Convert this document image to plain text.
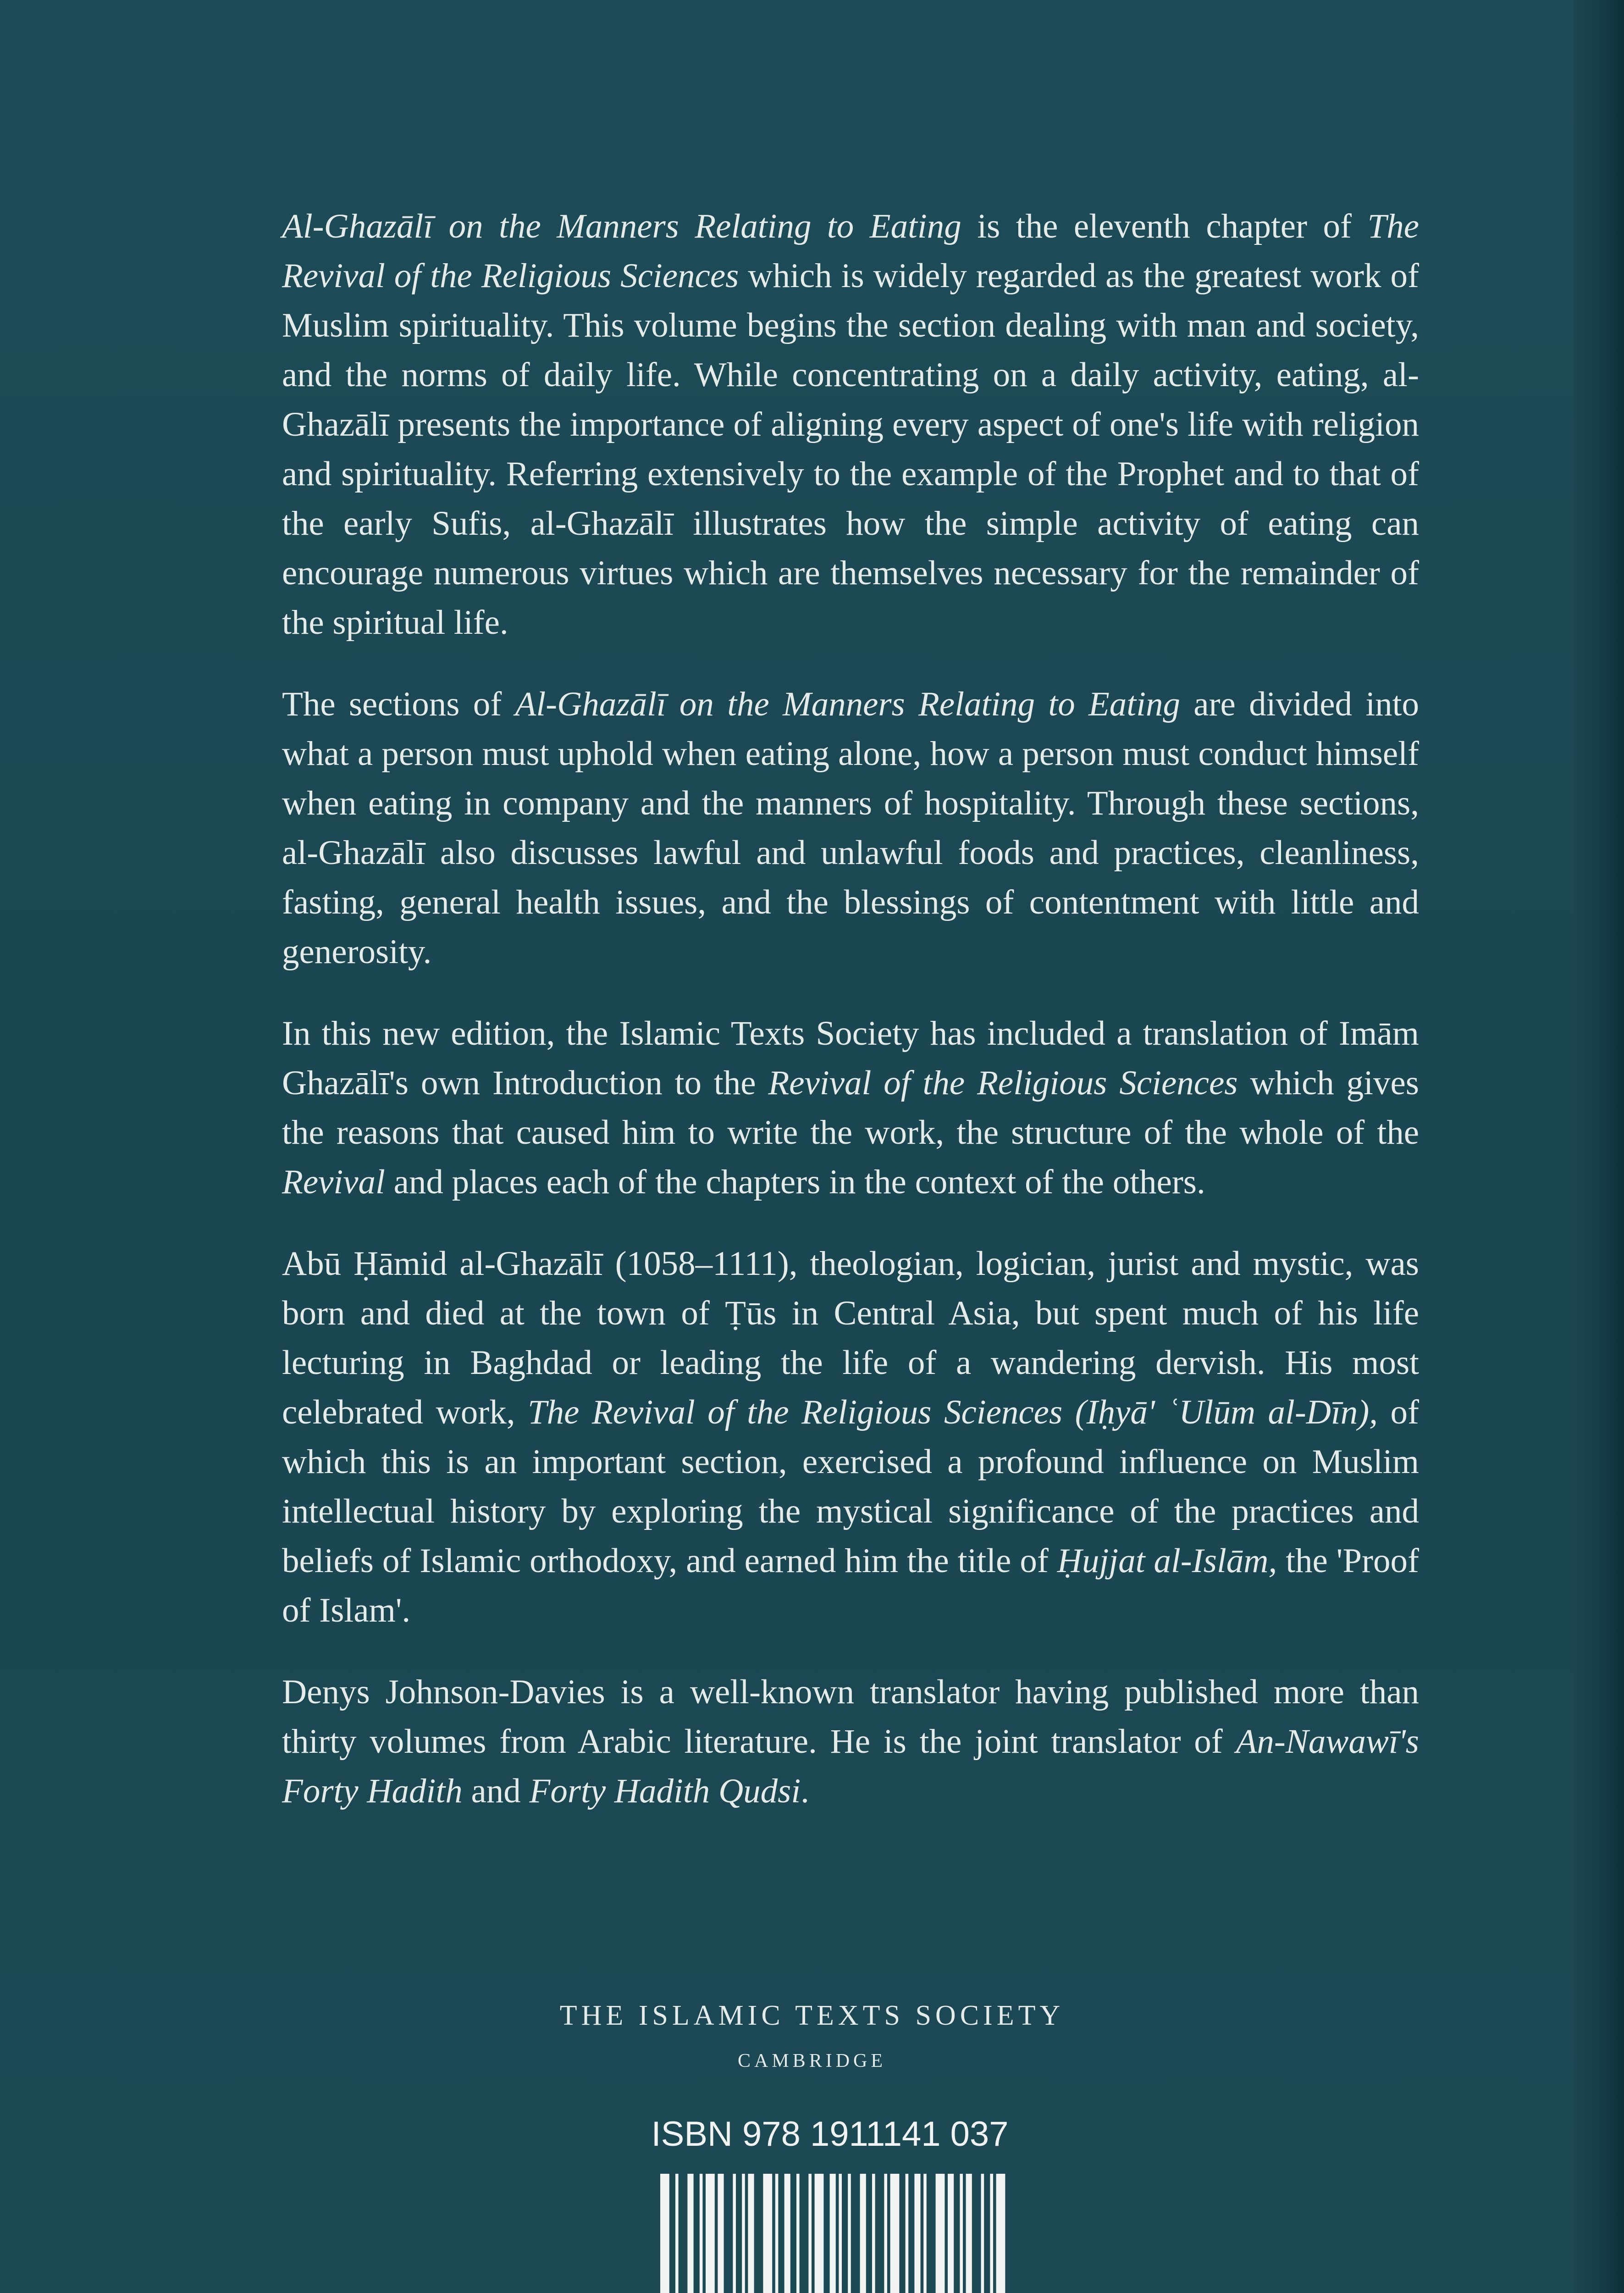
Al-Ghazālī on the Manners Relating to Eating is the eleventh chapter of The Revival of the Religious Sciences which is widely regarded as the greatest work of Muslim spirituality. This volume begins the section dealing with man and society, and the norms of daily life. While concentrating on a daily activity, eating, al-Ghazālī presents the importance of aligning every aspect of one's life with religion and spirituality. Referring extensively to the example of the Prophet and to that of the early Sufis, al-Ghazālī illustrates how the simple activity of eating can encourage numerous virtues which are themselves necessary for the remainder of the spiritual life.

The sections of Al-Ghazālī on the Manners Relating to Eating are divided into what a person must uphold when eating alone, how a person must conduct himself when eating in company and the manners of hospitality. Through these sections, al-Ghazālī also discusses lawful and unlawful foods and practices, cleanliness, fasting, general health issues, and the blessings of contentment with little and generosity.

In this new edition, the Islamic Texts Society has included a translation of Imām Ghazālī's own Introduction to the Revival of the Religious Sciences which gives the reasons that caused him to write the work, the structure of the whole of the Revival and places each of the chapters in the context of the others.

Abū Ḥāmid al-Ghazālī (1058–1111), theologian, logician, jurist and mystic, was born and died at the town of Ṭūs in Central Asia, but spent much of his life lecturing in Baghdad or leading the life of a wandering dervish. His most celebrated work, The Revival of the Religious Sciences (Iḥyā' ʿUlūm al-Dīn), of which this is an important section, exercised a profound influence on Muslim intellectual history by exploring the mystical significance of the practices and beliefs of Islamic orthodoxy, and earned him the title of Ḥujjat al-Islām, the 'Proof of Islam'.

Denys Johnson-Davies is a well-known translator having published more than thirty volumes from Arabic literature. He is the joint translator of An-Nawawī's Forty Hadith and Forty Hadith Qudsi.

THE ISLAMIC TEXTS SOCIETY
CAMBRIDGE
ISBN 978 1911141 037
